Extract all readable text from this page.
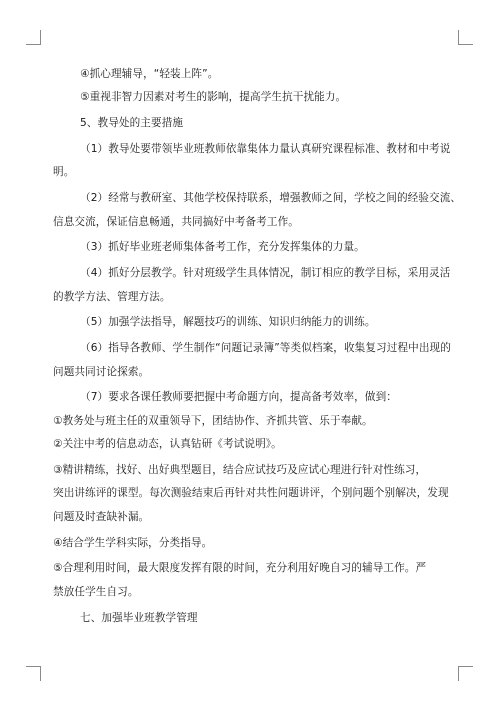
④抓心理辅导，“轻装上阵”。

⑤重视非智力因素对考生的影响，提高学生抗干扰能力。

5、教导处的主要措施

（1）教导处要带领毕业班教师依靠集体力量认真研究课程标准、教材和中考说

明。

（2）经常与教研室、其他学校保持联系，增强教师之间，学校之间的经验交流、

信息交流，保证信息畅通，共同搞好中考备考工作。

（3）抓好毕业班老师集体备考工作，充分发挥集体的力量。

（4）抓好分层教学。针对班级学生具体情况，制订相应的教学目标，采用灵活

的教学方法、管理方法。

（5）加强学法指导，解题技巧的训练、知识归纳能力的训练。

（6）指导各教师、学生制作“问题记录簿”等类似档案，收集复习过程中出现的

问题共同讨论探索。

（7）要求各课任教师要把握中考命题方向，提高备考效率，做到：

①教务处与班主任的双重领导下，团结协作、齐抓共管、乐于奉献。

②关注中考的信息动态，认真钻研《考试说明》。

③精讲精练，找好、出好典型题目，结合应试技巧及应试心理进行针对性练习，

突出讲练评的课型。每次测验结束后再针对共性问题讲评，个别问题个别解决，发现

问题及时查缺补漏。

④结合学生学科实际，分类指导。

⑤合理利用时间，最大限度发挥有限的时间，充分利用好晚自习的辅导工作。严

禁放任学生自习。

七、加强毕业班教学管理
